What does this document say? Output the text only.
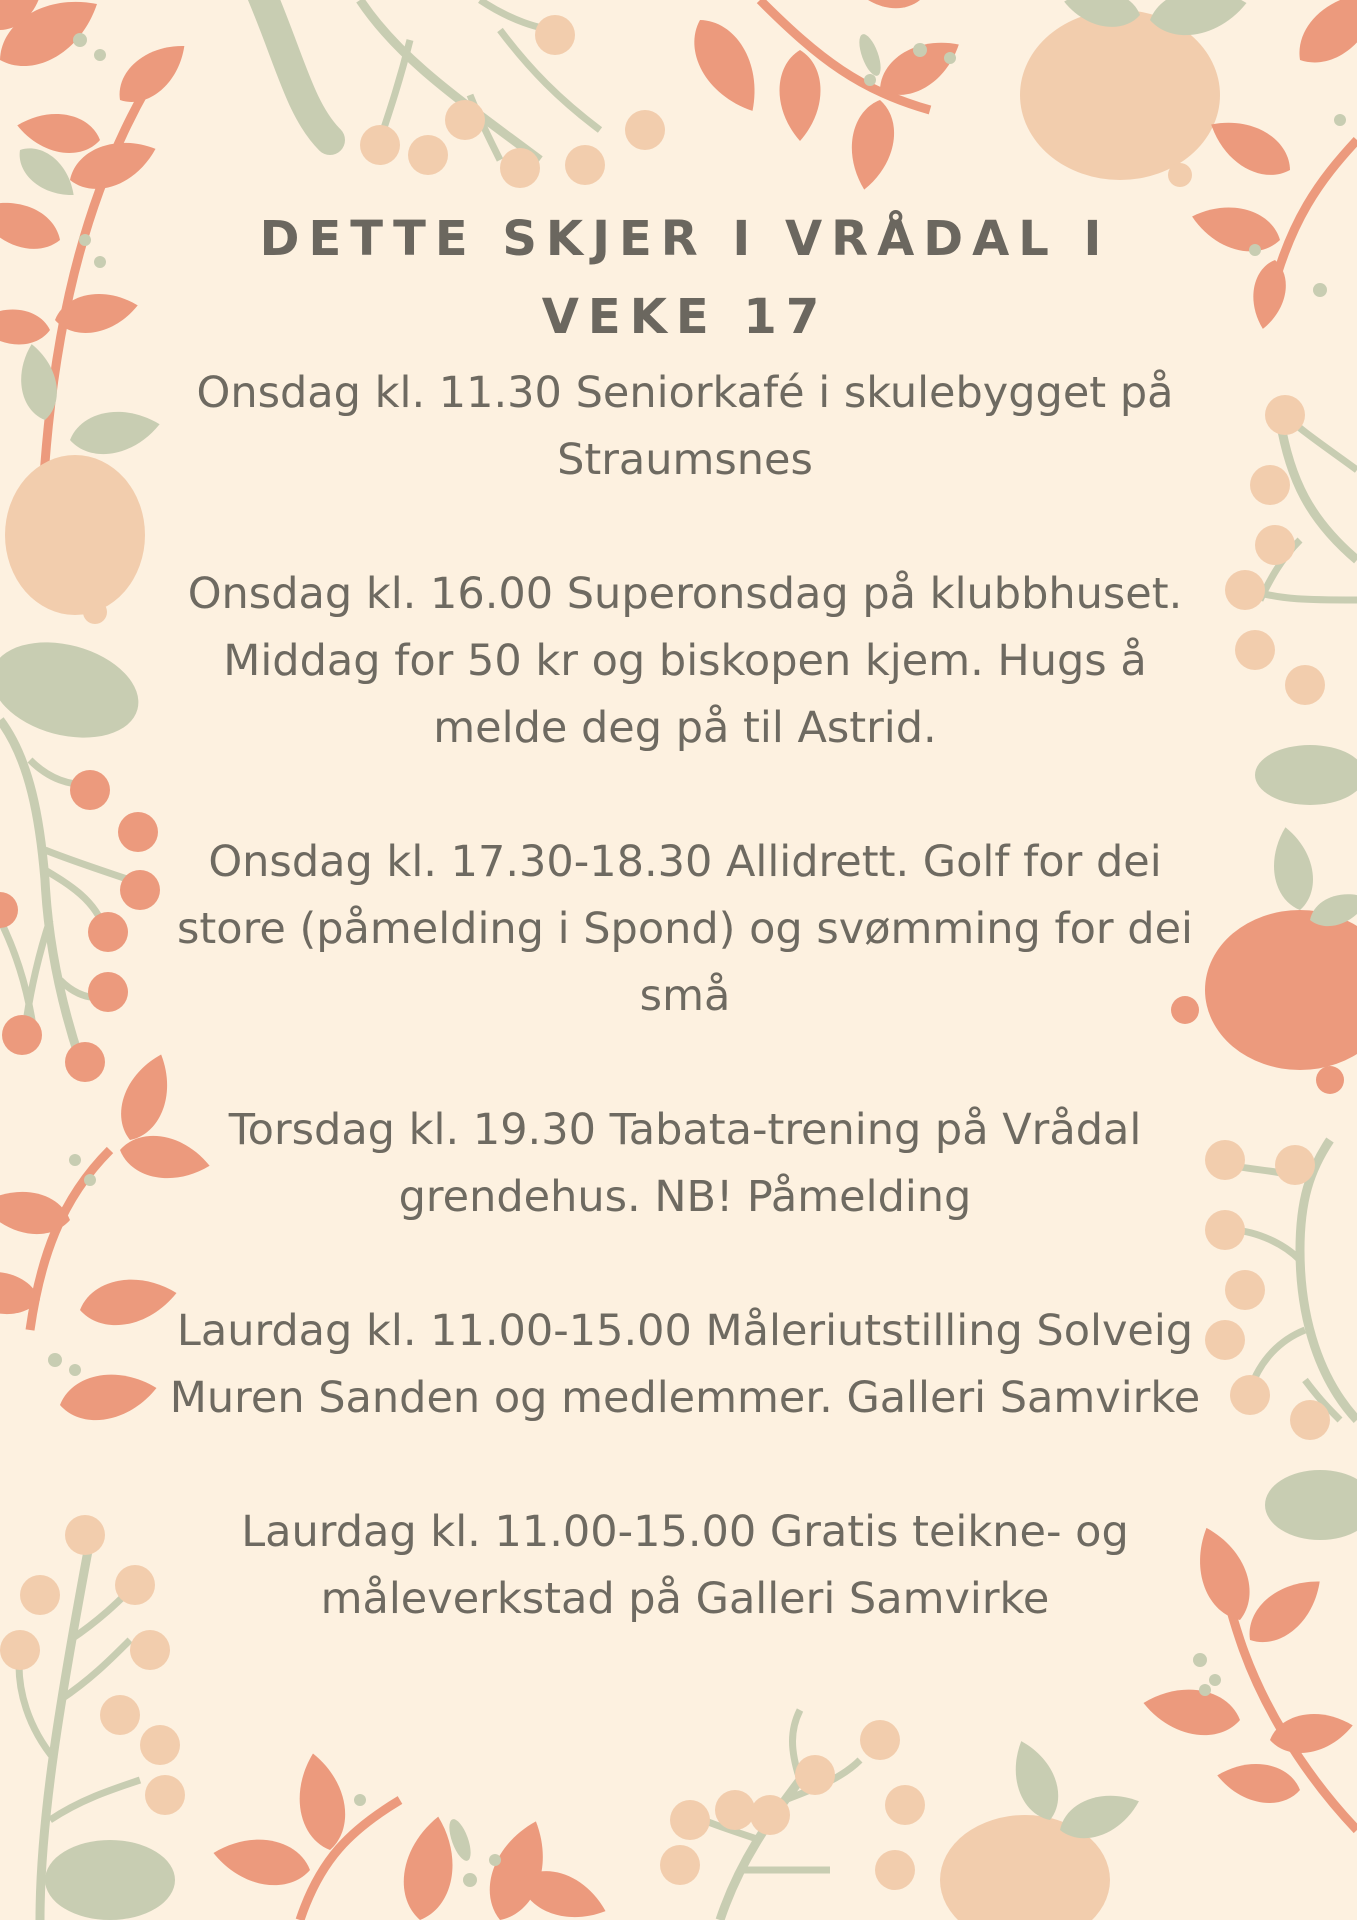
DETTE SKJER I VRÅDAL I VEKE 17

Onsdag kl. 11.30 Seniorkafé i skulebygget på Straumsnes

Onsdag kl. 16.00 Superonsdag på klubbhuset. Middag for 50 kr og biskopen kjem. Hugs å melde deg på til Astrid.

Onsdag kl. 17.30-18.30 Allidrett. Golf for dei store (påmelding i Spond) og svømming for dei små

Torsdag kl. 19.30 Tabata-trening på Vrådal grendehus. NB! Påmelding

Laurdag kl. 11.00-15.00 Måleriutstilling Solveig Muren Sanden og medlemmer. Galleri Samvirke

Laurdag kl. 11.00-15.00 Gratis teikne- og måleverkstad på Galleri Samvirke
